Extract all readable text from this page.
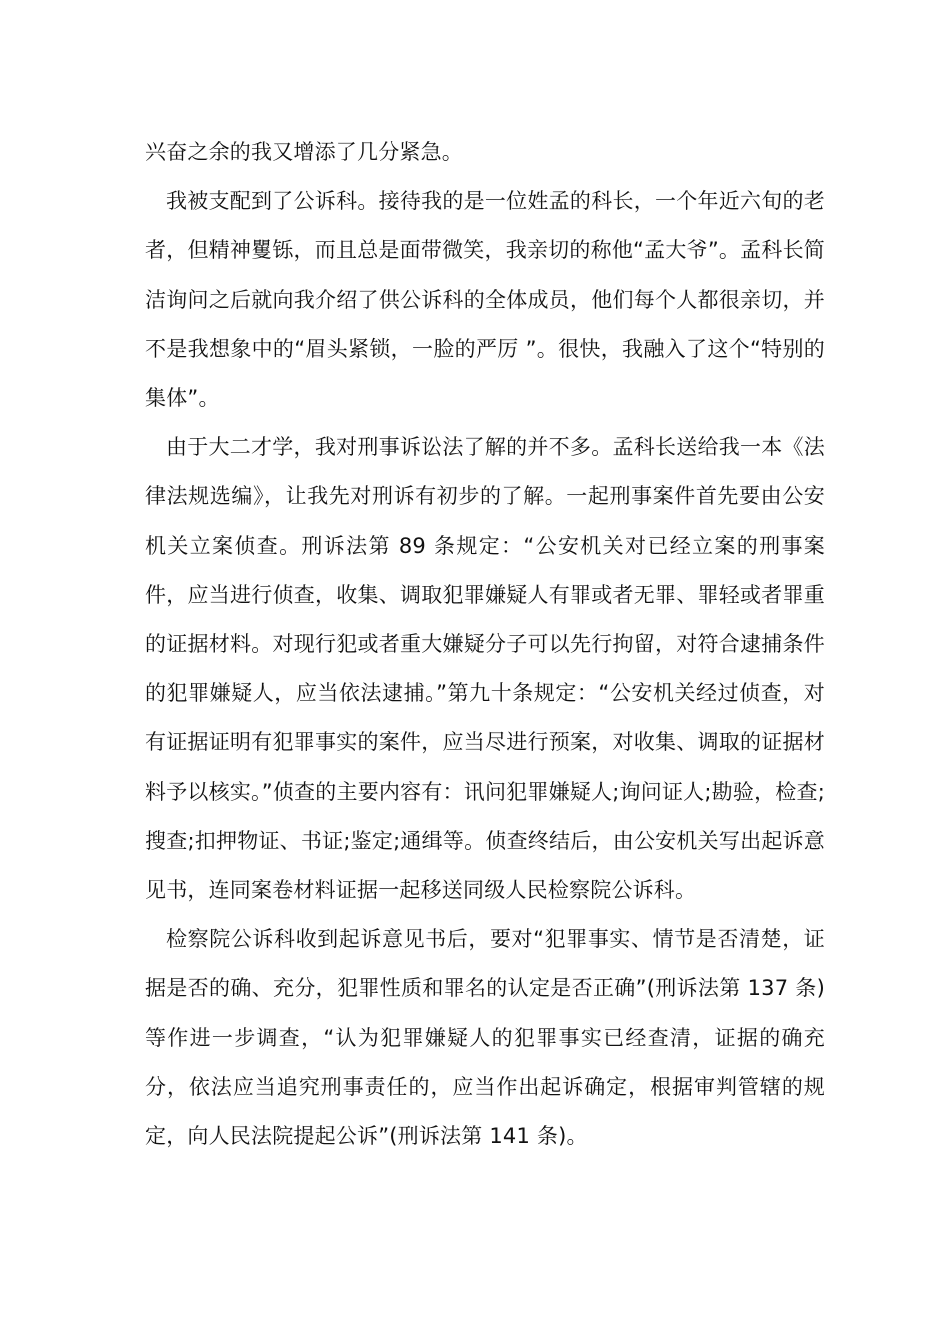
兴奋之余的我又增添了几分紧急。

我被支配到了公诉科。接待我的是一位姓孟的科长，一个年近六旬的老者，但精神矍铄，而且总是面带微笑，我亲切的称他“孟大爷”。孟科长简洁询问之后就向我介绍了供公诉科的全体成员，他们每个人都很亲切，并不是我想象中的“眉头紧锁，一脸的严厉 ”。很快，我融入了这个“特别的集体”。

由于大二才学，我对刑事诉讼法了解的并不多。孟科长送给我一本《法律法规选编》，让我先对刑诉有初步的了解。一起刑事案件首先要由公安机关立案侦查。刑诉法第 89 条规定：“公安机关对已经立案的刑事案件，应当进行侦查，收集、调取犯罪嫌疑人有罪或者无罪、罪轻或者罪重的证据材料。对现行犯或者重大嫌疑分子可以先行拘留，对符合逮捕条件的犯罪嫌疑人，应当依法逮捕。”第九十条规定：“公安机关经过侦查，对有证据证明有犯罪事实的案件，应当尽进行预案，对收集、调取的证据材料予以核实。”侦查的主要内容有：讯问犯罪嫌疑人;询问证人;勘验，检查;搜查;扣押物证、书证;鉴定;通缉等。侦查终结后，由公安机关写出起诉意见书，连同案卷材料证据一起移送同级人民检察院公诉科。

检察院公诉科收到起诉意见书后，要对“犯罪事实、情节是否清楚，证据是否的确、充分，犯罪性质和罪名的认定是否正确”(刑诉法第 137 条)等作进一步调查，“认为犯罪嫌疑人的犯罪事实已经查清，证据的确充分，依法应当追究刑事责任的，应当作出起诉确定，根据审判管辖的规定，向人民法院提起公诉”(刑诉法第 141 条)。
